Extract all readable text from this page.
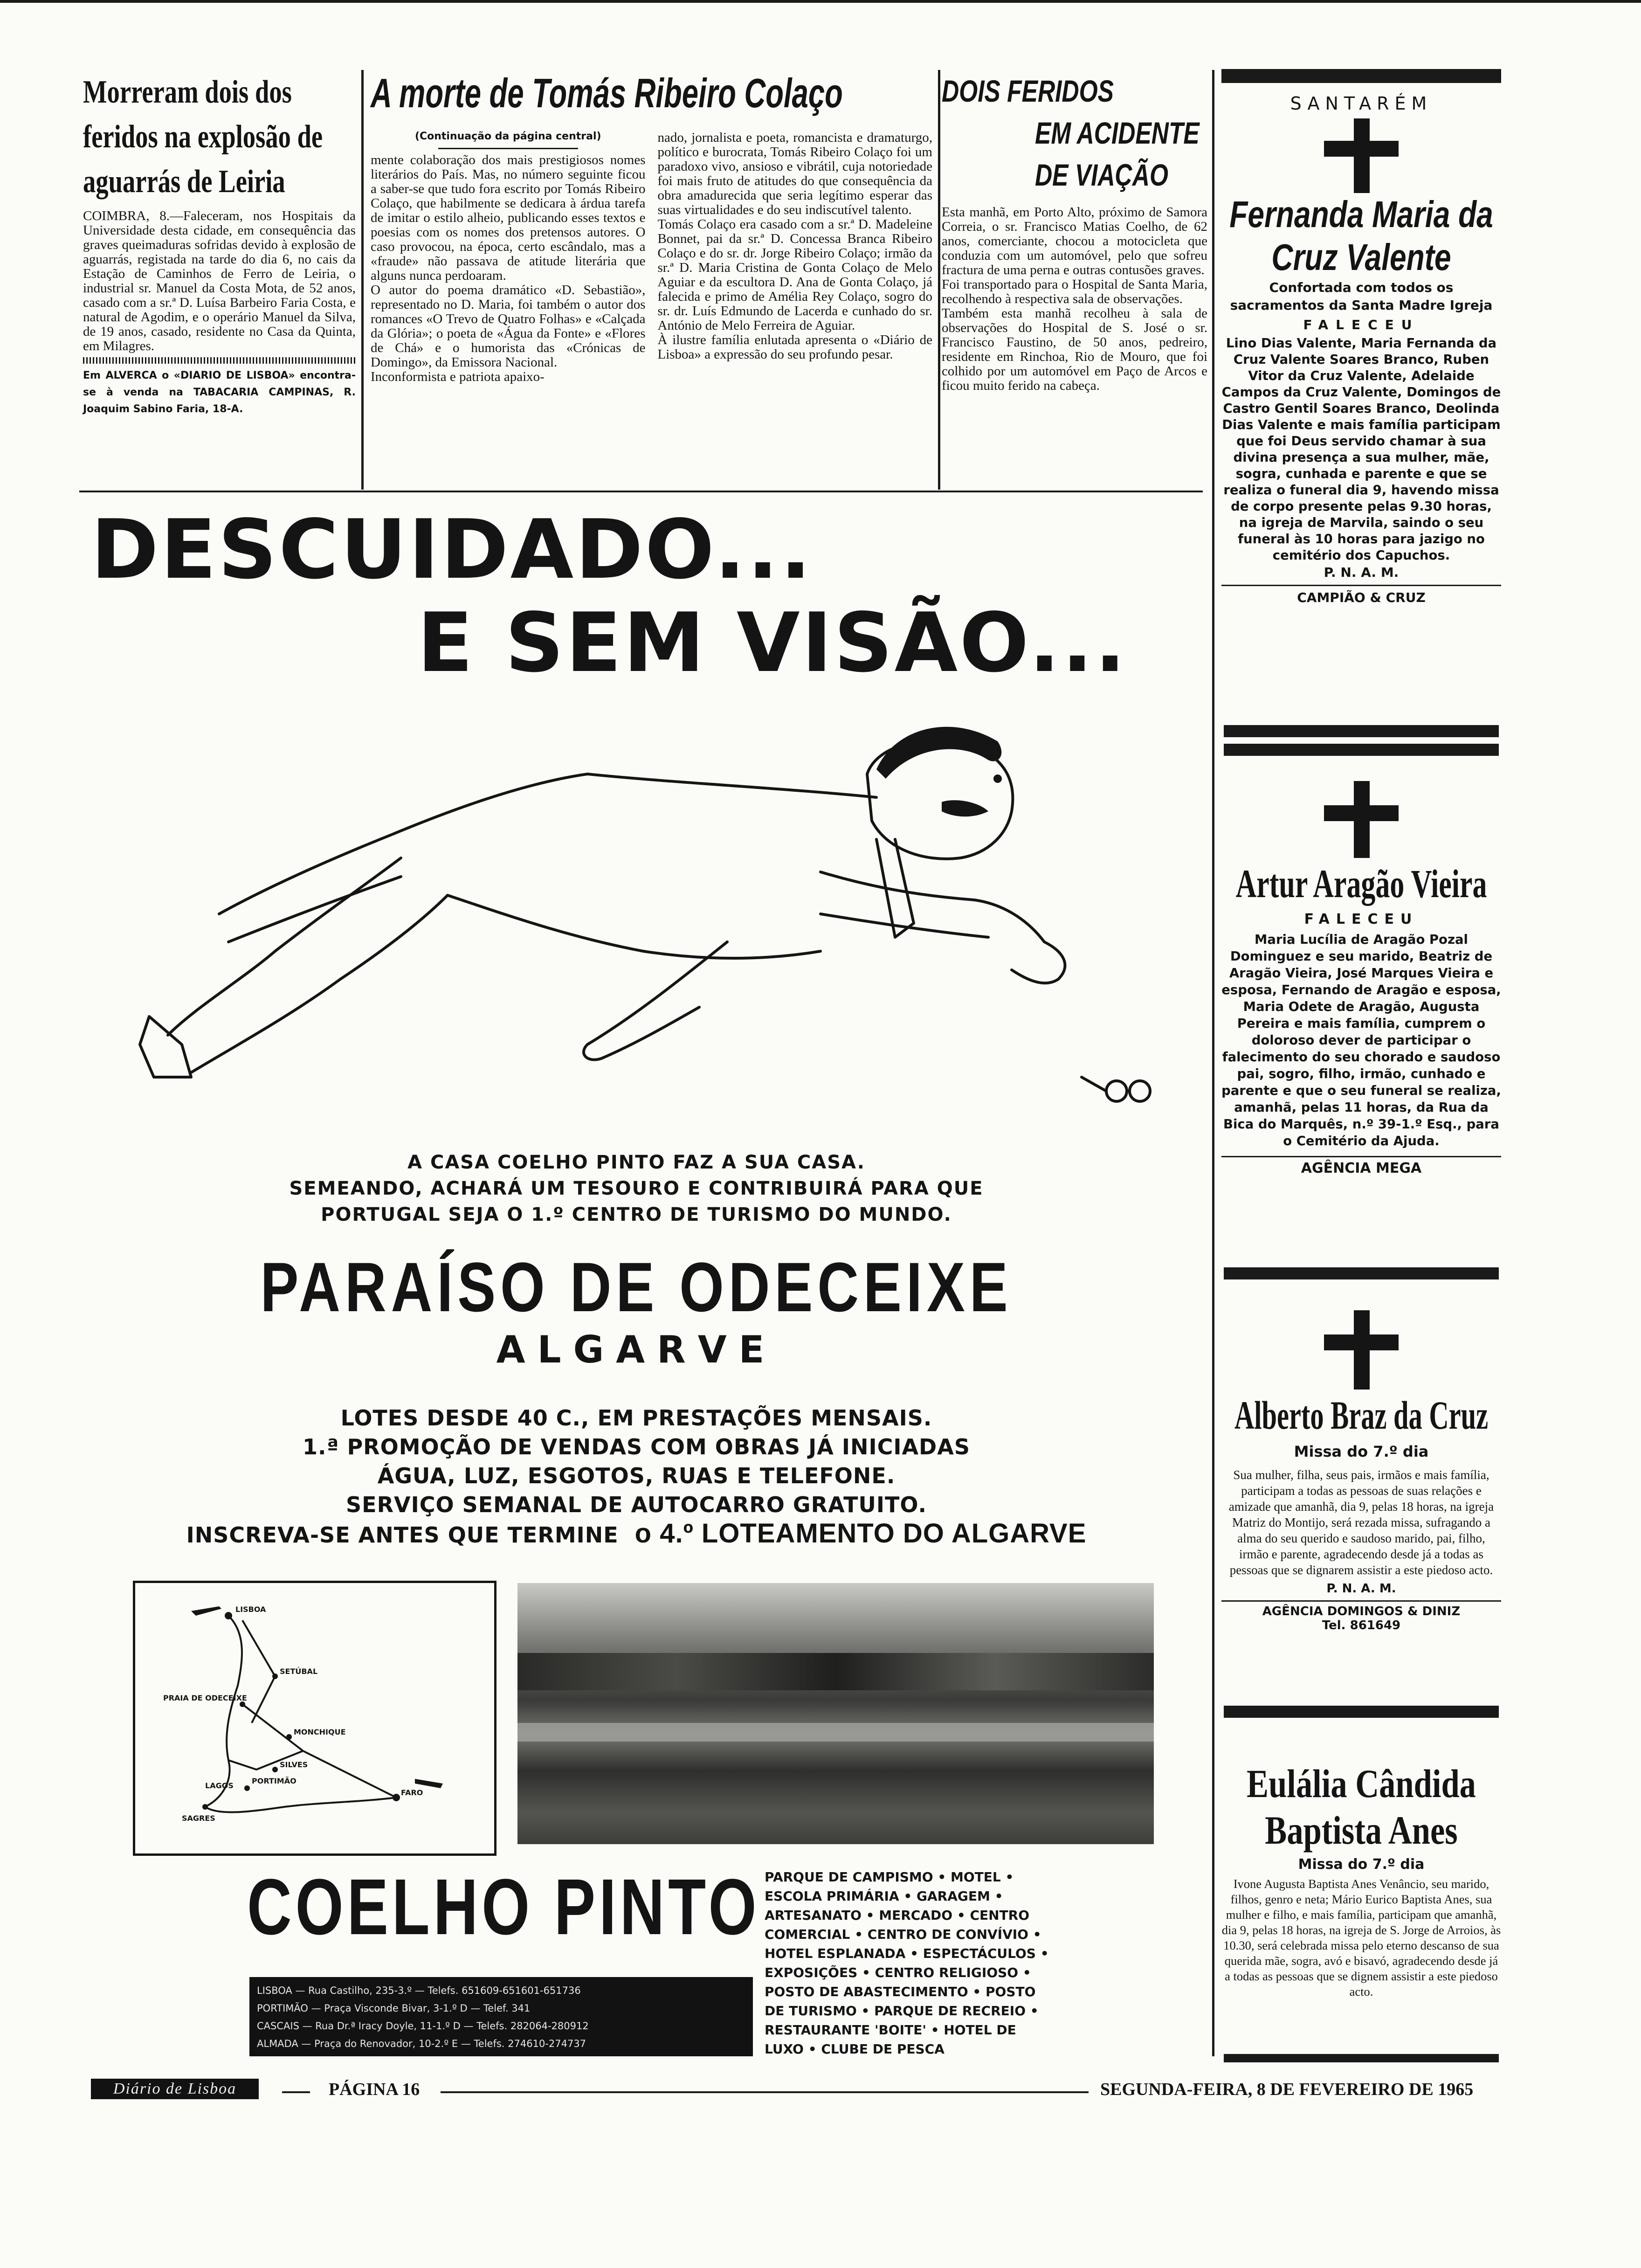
Morreram dois dos feridos na explosão de aguarrás de Leiria
COIMBRA, 8.—Faleceram, nos Hospitais da Universidade desta cidade, em consequência das graves queimaduras sofridas devido à explosão de aguarrás, registada na tarde do dia 6, no cais da Estação de Caminhos de Ferro de Leiria, o industrial sr. Manuel da Costa Mota, de 52 anos, casado com a sr.ª D. Luísa Barbeiro Faria Costa, e natural de Agodim, e o operário Manuel da Silva, de 19 anos, casado, residente no Casa da Quinta, em Milagres.
Em ALVERCA o «DIARIO DE LISBOA» encontra-se à venda na TABACARIA CAMPINAS, R. Joaquim Sabino Faria, 18-A.
A morte de Tomás Ribeiro Colaço
(Continuação da página central)
mente colaboração dos mais prestigiosos nomes literários do País. Mas, no número seguinte ficou a saber-se que tudo fora escrito por Tomás Ribeiro Colaço, que habilmente se dedicara à árdua tarefa de imitar o estilo alheio, publicando esses textos e poesias com os nomes dos pretensos autores. O caso provocou, na época, certo escândalo, mas a «fraude» não passava de atitude literária que alguns nunca perdoaram.
O autor do poema dramático «D. Sebastião», representado no D. Maria, foi também o autor dos romances «O Trevo de Quatro Folhas» e «Calçada da Glória»; o poeta de «Água da Fonte» e «Flores de Chá» e o humorista das «Crónicas de Domingo», da Emissora Nacional.
Inconformista e patriota apaixo-
nado, jornalista e poeta, romancista e dramaturgo, político e burocrata, Tomás Ribeiro Colaço foi um paradoxo vivo, ansioso e vibrátil, cuja notoriedade foi mais fruto de atitudes do que consequência da obra amadurecida que seria legítimo esperar das suas virtualidades e do seu indiscutível talento.
Tomás Colaço era casado com a sr.ª D. Madeleine Bonnet, pai da sr.ª D. Concessa Branca Ribeiro Colaço e do sr. dr. Jorge Ribeiro Colaço; irmão da sr.ª D. Maria Cristina de Gonta Colaço de Melo Aguiar e da escultora D. Ana de Gonta Colaço, já falecida e primo de Amélia Rey Colaço, sogro do sr. dr. Luís Edmundo de Lacerda e cunhado do sr. António de Melo Ferreira de Aguiar.
À ilustre família enlutada apresenta o «Diário de Lisboa» a expressão do seu profundo pesar.
DOIS FERIDOS
EM ACIDENTE
DE VIAÇÃO
Esta manhã, em Porto Alto, próximo de Samora Correia, o sr. Francisco Matias Coelho, de 62 anos, comerciante, chocou a motocicleta que conduzia com um automóvel, pelo que sofreu fractura de uma perna e outras contusões graves.
Foi transportado para o Hospital de Santa Maria, recolhendo à respectiva sala de observações.
Também esta manhã recolheu à sala de observações do Hospital de S. José o sr. Francisco Faustino, de 50 anos, pedreiro, residente em Rinchoa, Rio de Mouro, que foi colhido por um automóvel em Paço de Arcos e ficou muito ferido na cabeça.
DESCUIDADO...
E SEM VISÃO...
A CASA COELHO PINTO FAZ A SUA CASA.
SEMEANDO, ACHARÁ UM TESOURO E CONTRIBUIRÁ PARA QUE
PORTUGAL SEJA O 1.º CENTRO DE TURISMO DO MUNDO.
PARAÍSO DE ODECEIXE
ALGARVE
LOTES DESDE 40 C., EM PRESTAÇÕES MENSAIS.
1.ª PROMOÇÃO DE VENDAS COM OBRAS JÁ INICIADAS
ÁGUA, LUZ, ESGOTOS, RUAS E TELEFONE.
SERVIÇO SEMANAL DE AUTOCARRO GRATUITO.
INSCREVA-SE ANTES QUE TERMINE o 4.º LOTEAMENTO DO ALGARVE
LISBOA
SETÚBAL
PRAIA DE ODECEIXE
MONCHIQUE
SILVES
PORTIMÃO
LAGOS
FARO
SAGRES
COELHO PINTO
LISBOA — Rua Castilho, 235-3.º — Telefs. 651609-651601-651736
PORTIMÃO — Praça Visconde Bivar, 3-1.º D — Telef. 341
CASCAIS — Rua Dr.ª Iracy Doyle, 11-1.º D — Telefs. 282064-280912
ALMADA — Praça do Renovador, 10-2.º E — Telefs. 274610-274737
PARQUE DE CAMPISMO • MOTEL • ESCOLA PRIMÁRIA • GARAGEM • ARTESANATO • MERCADO • CENTRO COMERCIAL • CENTRO DE CONVÍVIO • HOTEL ESPLANADA • ESPECTÁCULOS • EXPOSIÇÕES • CENTRO RELIGIOSO • POSTO DE ABASTECIMENTO • POSTO DE TURISMO • PARQUE DE RECREIO • RESTAURANTE 'BOITE' • HOTEL DE LUXO • CLUBE DE PESCA
SANTARÉM
Fernanda Maria da Cruz Valente
Confortada com todos os sacramentos da Santa Madre Igreja
FALECEU
Lino Dias Valente, Maria Fernanda da Cruz Valente Soares Branco, Ruben Vitor da Cruz Valente, Adelaide Campos da Cruz Valente, Domingos de Castro Gentil Soares Branco, Deolinda Dias Valente e mais família participam que foi Deus servido chamar à sua divina presença a sua mulher, mãe, sogra, cunhada e parente e que se realiza o funeral dia 9, havendo missa de corpo presente pelas 9.30 horas, na igreja de Marvila, saindo o seu funeral às 10 horas para jazigo no cemitério dos Capuchos.
P. N. A. M.
CAMPIÃO & CRUZ
Artur Aragão Vieira
FALECEU
Maria Lucília de Aragão Pozal Dominguez e seu marido, Beatriz de Aragão Vieira, José Marques Vieira e esposa, Fernando de Aragão e esposa, Maria Odete de Aragão, Augusta Pereira e mais família, cumprem o doloroso dever de participar o falecimento do seu chorado e saudoso pai, sogro, filho, irmão, cunhado e parente e que o seu funeral se realiza, amanhã, pelas 11 horas, da Rua da Bica do Marquês, n.º 39-1.º Esq., para o Cemitério da Ajuda.
AGÊNCIA MEGA
Alberto Braz da Cruz
Missa do 7.º dia
Sua mulher, filha, seus pais, irmãos e mais família, participam a todas as pessoas de suas relações e amizade que amanhã, dia 9, pelas 18 horas, na igreja Matriz do Montijo, será rezada missa, sufragando a alma do seu querido e saudoso marido, pai, filho, irmão e parente, agradecendo desde já a todas as pessoas que se dignarem assistir a este piedoso acto.
P. N. A. M.
AGÊNCIA DOMINGOS & DINIZ
Tel. 861649
Eulália Cândida
Baptista Anes
Missa do 7.º dia
Ivone Augusta Baptista Anes Venâncio, seu marido, filhos, genro e neta; Mário Eurico Baptista Anes, sua mulher e filho, e mais família, participam que amanhã, dia 9, pelas 18 horas, na igreja de S. Jorge de Arroios, às 10.30, será celebrada missa pelo eterno descanso de sua querida mãe, sogra, avó e bisavó, agradecendo desde já a todas as pessoas que se dignem assistir a este piedoso acto.
Diário de Lisboa	PÁGINA 16	SEGUNDA-FEIRA, 8 DE FEVEREIRO DE 1965
